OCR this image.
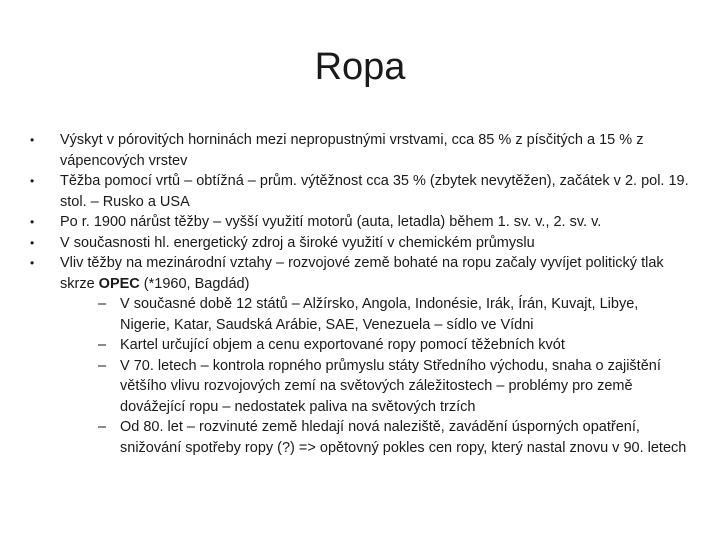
Ropa
•	Výskyt v pórovitých horninách mezi nepropustnými vrstvami, cca 85 % z písčitých a 15 % z vápencových vrstev
•	Těžba pomocí vrtů – obtížná – prům. výtěžnost cca 35 % (zbytek nevytěžen), začátek v 2. pol. 19. stol. – Rusko a USA
•	Po r. 1900 nárůst těžby – vyšší využití motorů (auta, letadla) během 1. sv. v., 2. sv. v.
•	V současnosti hl. energetický zdroj a široké využití v chemickém průmyslu
•	Vliv těžby na mezinárodní vztahy – rozvojové země bohaté na ropu začaly vyvíjet politický tlak skrze OPEC (*1960, Bagdád)
– V současné době 12 států – Alžírsko, Angola, Indonésie, Irák, Írán, Kuvajt, Libye, Nigerie, Katar, Saudská Arábie, SAE, Venezuela – sídlo ve Vídni
– Kartel určující objem a cenu exportované ropy pomocí těžebních kvót
– V 70. letech – kontrola ropného průmyslu státy Středního východu, snaha o zajištění většího vlivu rozvojových zemí na světových záležitostech – problémy pro země dovážející ropu – nedostatek paliva na světových trzích
– Od 80. let – rozvinuté země hledají nová naleziště, zavádění úsporných opatření, snižování spotřeby ropy (?) => opětovný pokles cen ropy, který nastal znovu v 90. letech
